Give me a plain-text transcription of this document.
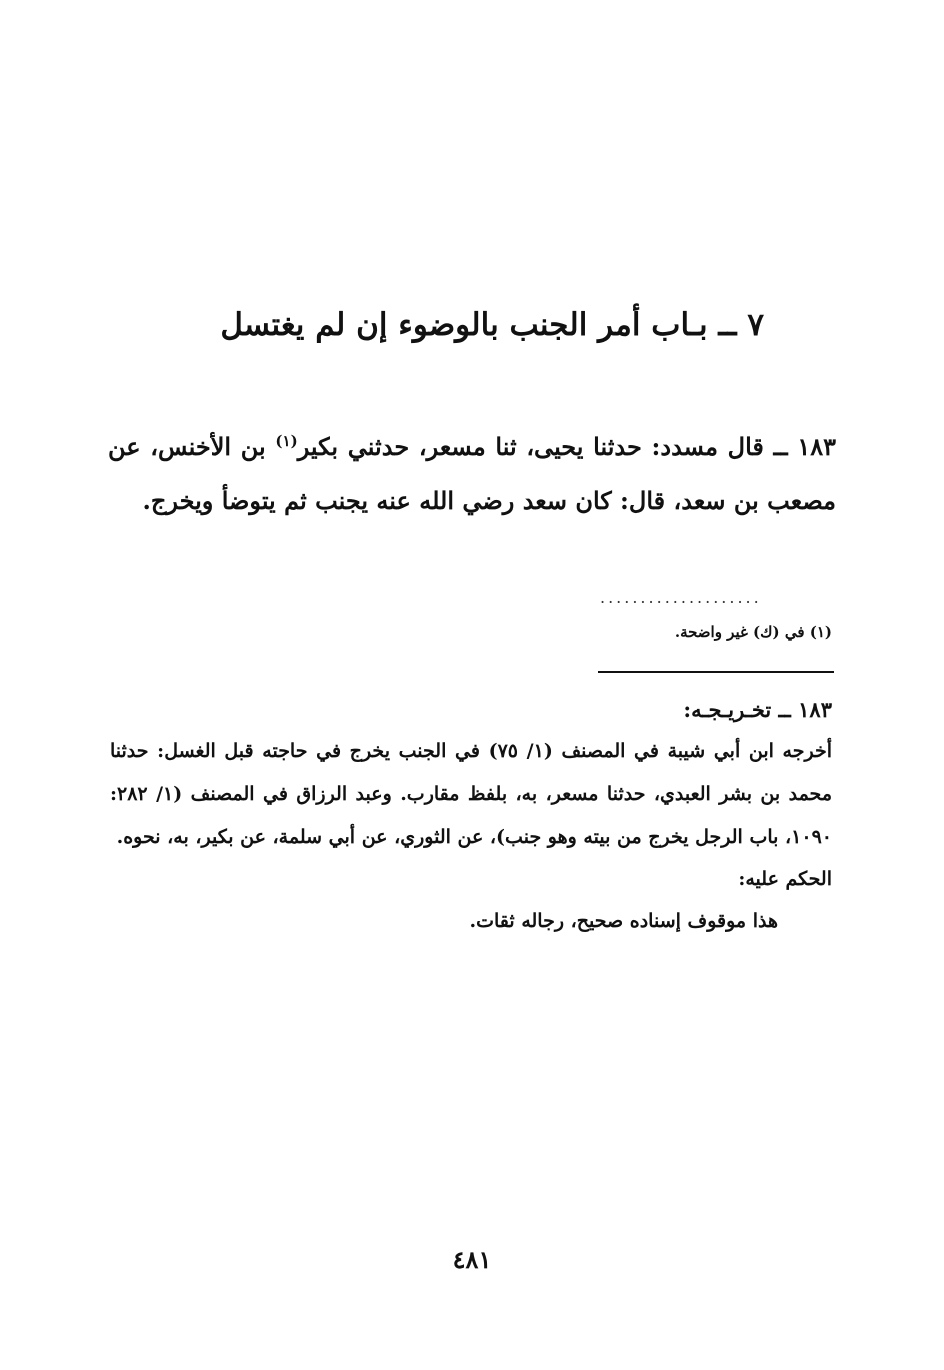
٧ ــ بـاب أمر الجنب بالوضوء إن لم يغتسل
١٨٣ ــ قال مسدد: حدثنا يحيى، ثنا مسعر، حدثني بكير$^{(١)}$ بن الأخنس، عن مصعب بن سعد، قال: كان سعد رضي الله عنه يجنب ثم يتوضأ ويخرج.
....................
(١) في (ك) غير واضحة.
١٨٣ ــ تخـريـجـه:
أخرجه ابن أبي شيبة في المصنف (١/ ٧٥) في الجنب يخرج في حاجته قبل الغسل: حدثنا محمد بن بشر العبدي، حدثنا مسعر، به، بلفظ مقارب. وعبد الرزاق في المصنف (١/ ٢٨٢: ١٠٩٠، باب الرجل يخرج من بيته وهو جنب)، عن الثوري، عن أبي سلمة، عن بكير، به، نحوه.
الحكم عليه:
هذا موقوف إسناده صحيح، رجاله ثقات.
٤٨١
